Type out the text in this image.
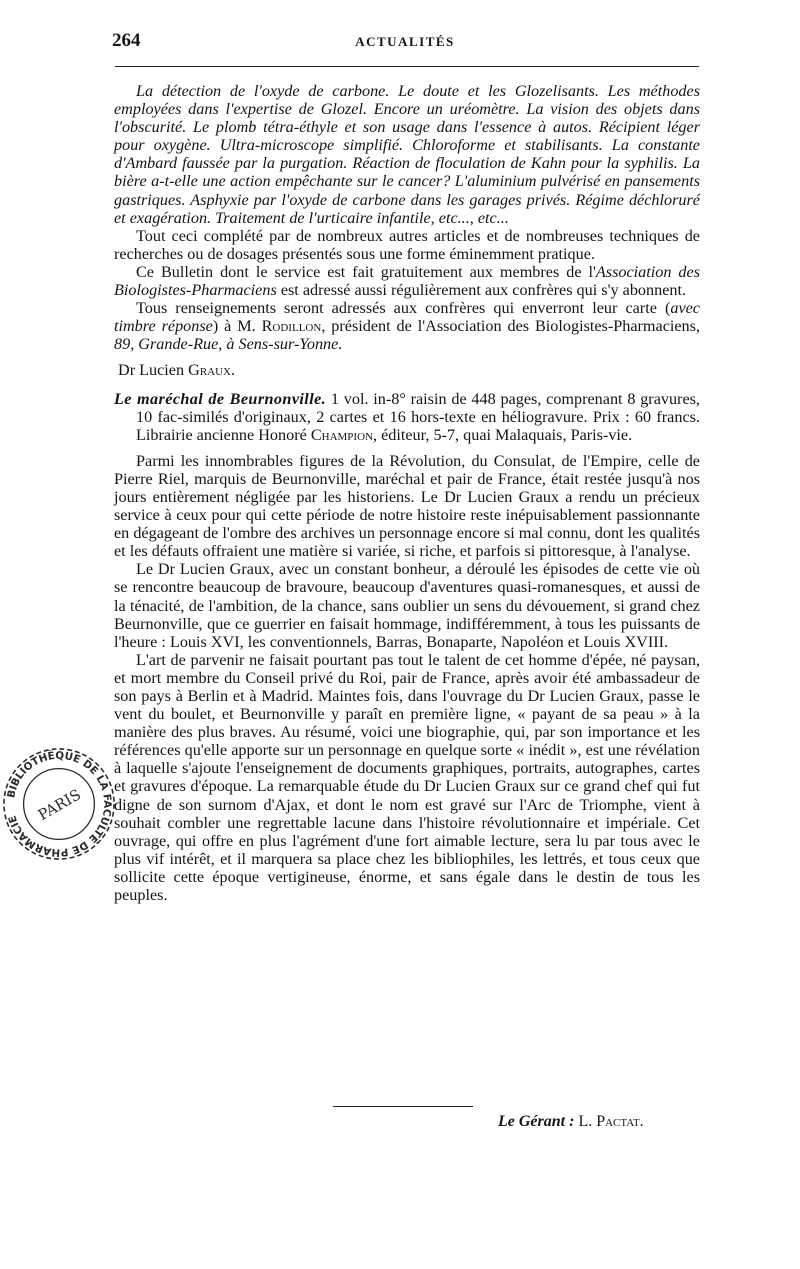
264	ACTUALITÉS

La détection de l'oxyde de carbone. Le doute et les Glozelisants. Les méthodes employées dans l'expertise de Glozel. Encore un uréomètre. La vision des objets dans l'obscurité. Le plomb tétra-éthyle et son usage dans l'essence à autos. Récipient léger pour oxygène. Ultra-microscope simplifié. Chloroforme et stabilisants. La constante d'Ambard faussée par la purgation. Réaction de floculation de Kahn pour la syphilis. La bière a-t-elle une action empêchante sur le cancer? L'aluminium pulvérisé en pansements gastriques. Asphyxie par l'oxyde de carbone dans les garages privés. Régime déchloruré et exagération. Traitement de l'urticaire infantile, etc..., etc...

Tout ceci complété par de nombreux autres articles et de nombreuses techniques de recherches ou de dosages présentés sous une forme éminemment pratique.

Ce Bulletin dont le service est fait gratuitement aux membres de l'Association des Biologistes-Pharmaciens est adressé aussi régulièrement aux confrères qui s'y abonnent.

Tous renseignements seront adressés aux confrères qui enverront leur carte (avec timbre réponse) à M. Rodillon, président de l'Association des Biologistes-Pharmaciens, 89, Grande-Rue, à Sens-sur-Yonne.

Dr Lucien Graux.

Le maréchal de Beurnonville. 1 vol. in-8° raisin de 448 pages, comprenant 8 gravures, 10 fac-similés d'originaux, 2 cartes et 16 hors-texte en héliogravure. Prix : 60 francs. Librairie ancienne Honoré Champion, éditeur, 5-7, quai Malaquais, Paris-vie.

Parmi les innombrables figures de la Révolution, du Consulat, de l'Empire, celle de Pierre Riel, marquis de Beurnonville, maréchal et pair de France, était restée jusqu'à nos jours entièrement négligée par les historiens. Le Dr Lucien Graux a rendu un précieux service à ceux pour qui cette période de notre histoire reste inépuisablement passionnante en dégageant de l'ombre des archives un personnage encore si mal connu, dont les qualités et les défauts offraient une matière si variée, si riche, et parfois si pittoresque, à l'analyse.

Le Dr Lucien Graux, avec un constant bonheur, a déroulé les épisodes de cette vie où se rencontre beaucoup de bravoure, beaucoup d'aventures quasi-romanesques, et aussi de la ténacité, de l'ambition, de la chance, sans oublier un sens du dévouement, si grand chez Beurnonville, que ce guerrier en faisait hommage, indifféremment, à tous les puissants de l'heure : Louis XVI, les conventionnels, Barras, Bonaparte, Napoléon et Louis XVIII.

L'art de parvenir ne faisait pourtant pas tout le talent de cet homme d'épée, né paysan, et mort membre du Conseil privé du Roi, pair de France, après avoir été ambassadeur de son pays à Berlin et à Madrid. Maintes fois, dans l'ouvrage du Dr Lucien Graux, passe le vent du boulet, et Beurnonville y paraît en première ligne, « payant de sa peau » à la manière des plus braves. Au résumé, voici une biographie, qui, par son importance et les références qu'elle apporte sur un personnage en quelque sorte « inédit », est une révélation à laquelle s'ajoute l'enseignement de documents graphiques, portraits, autographes, cartes et gravures d'époque. La remarquable étude du Dr Lucien Graux sur ce grand chef qui fut digne de son surnom d'Ajax, et dont le nom est gravé sur l'Arc de Triomphe, vient à souhait combler une regrettable lacune dans l'histoire révolutionnaire et impériale. Cet ouvrage, qui offre en plus l'agrément d'une fort aimable lecture, sera lu par tous avec le plus vif intérêt, et il marquera sa place chez les bibliophiles, les lettrés, et tous ceux que sollicite cette époque vertigineuse, énorme, et sans égale dans le destin de tous les peuples.

Le Gérant : L. Pactat.
BIBLIOTHÈQUE DE LA FACULTÉ DE PHARMACIE	PARIS
